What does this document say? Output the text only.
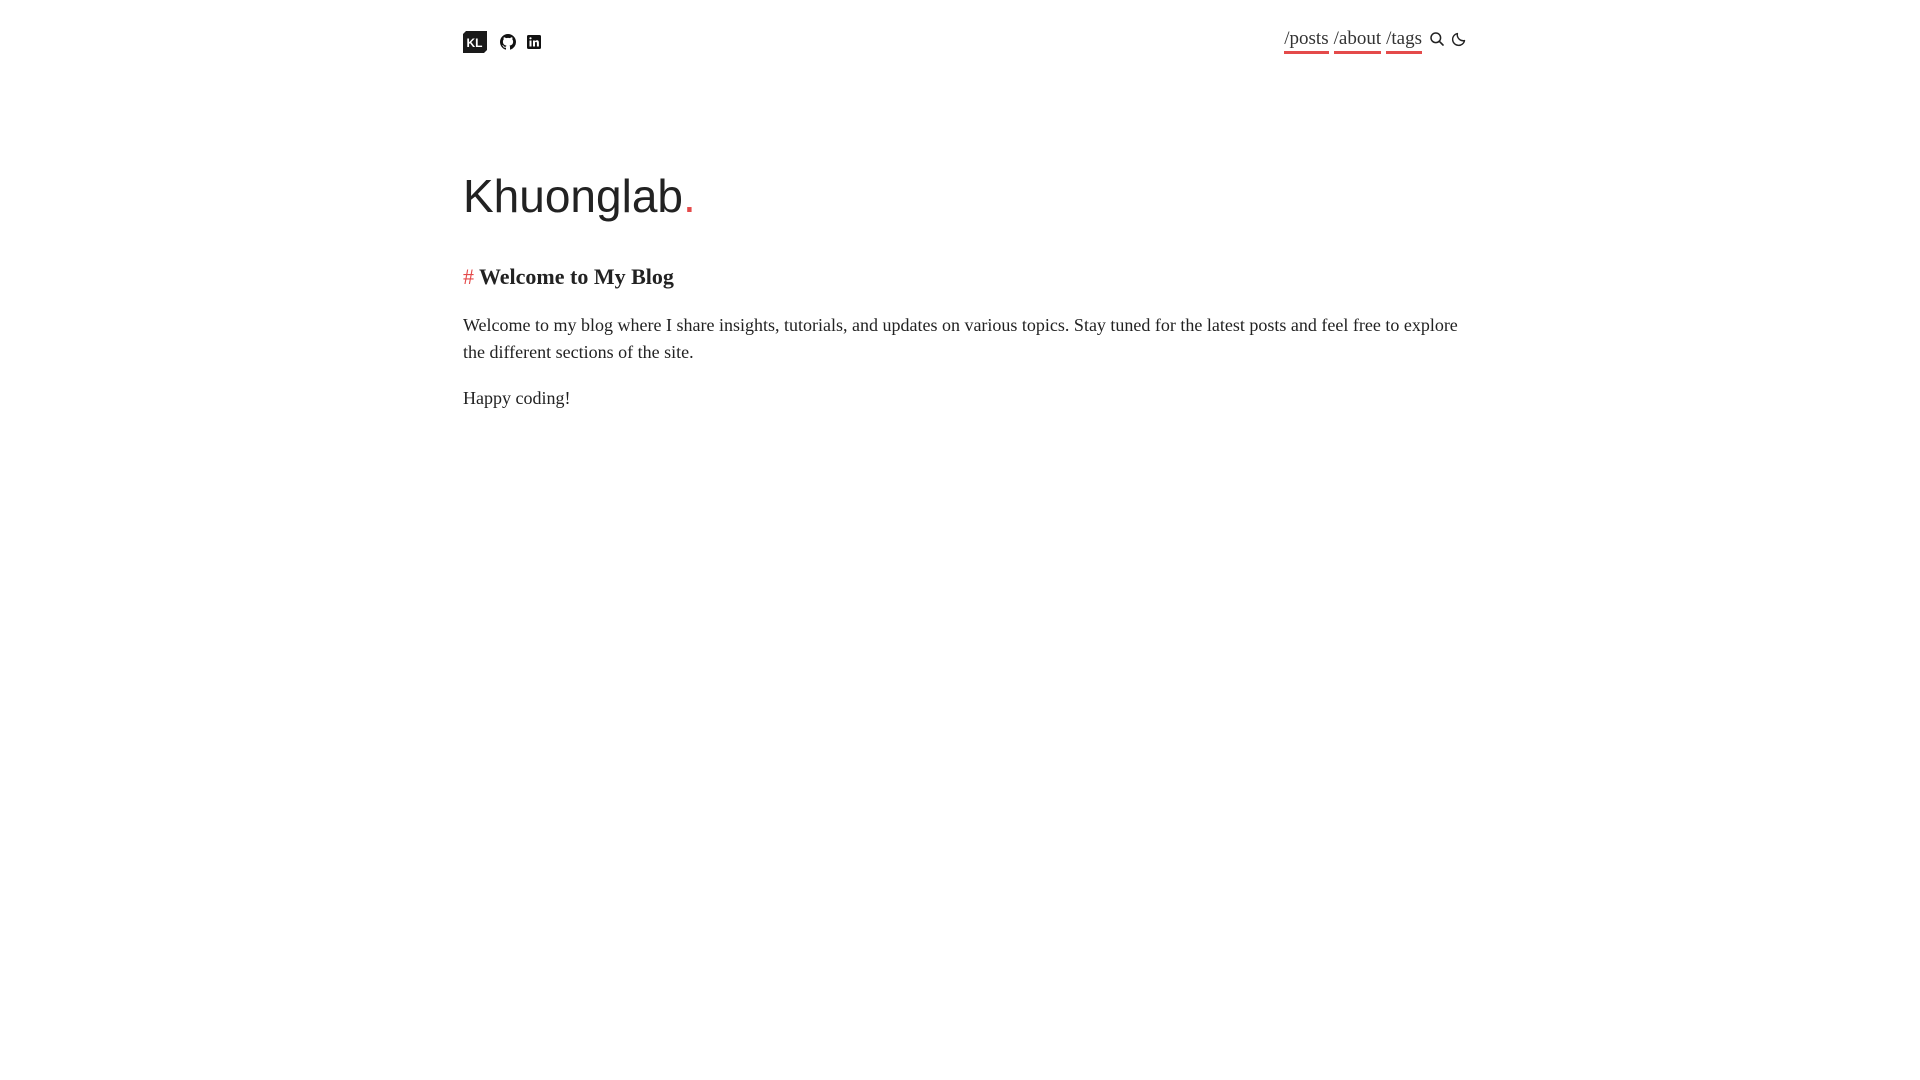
KL	/posts /about /tags
Khuonglab.
# Welcome to My Blog

Welcome to my blog where I share insights, tutorials, and updates on various topics. Stay tuned for the latest posts and feel free to explore the different sections of the site.

Happy coding!
